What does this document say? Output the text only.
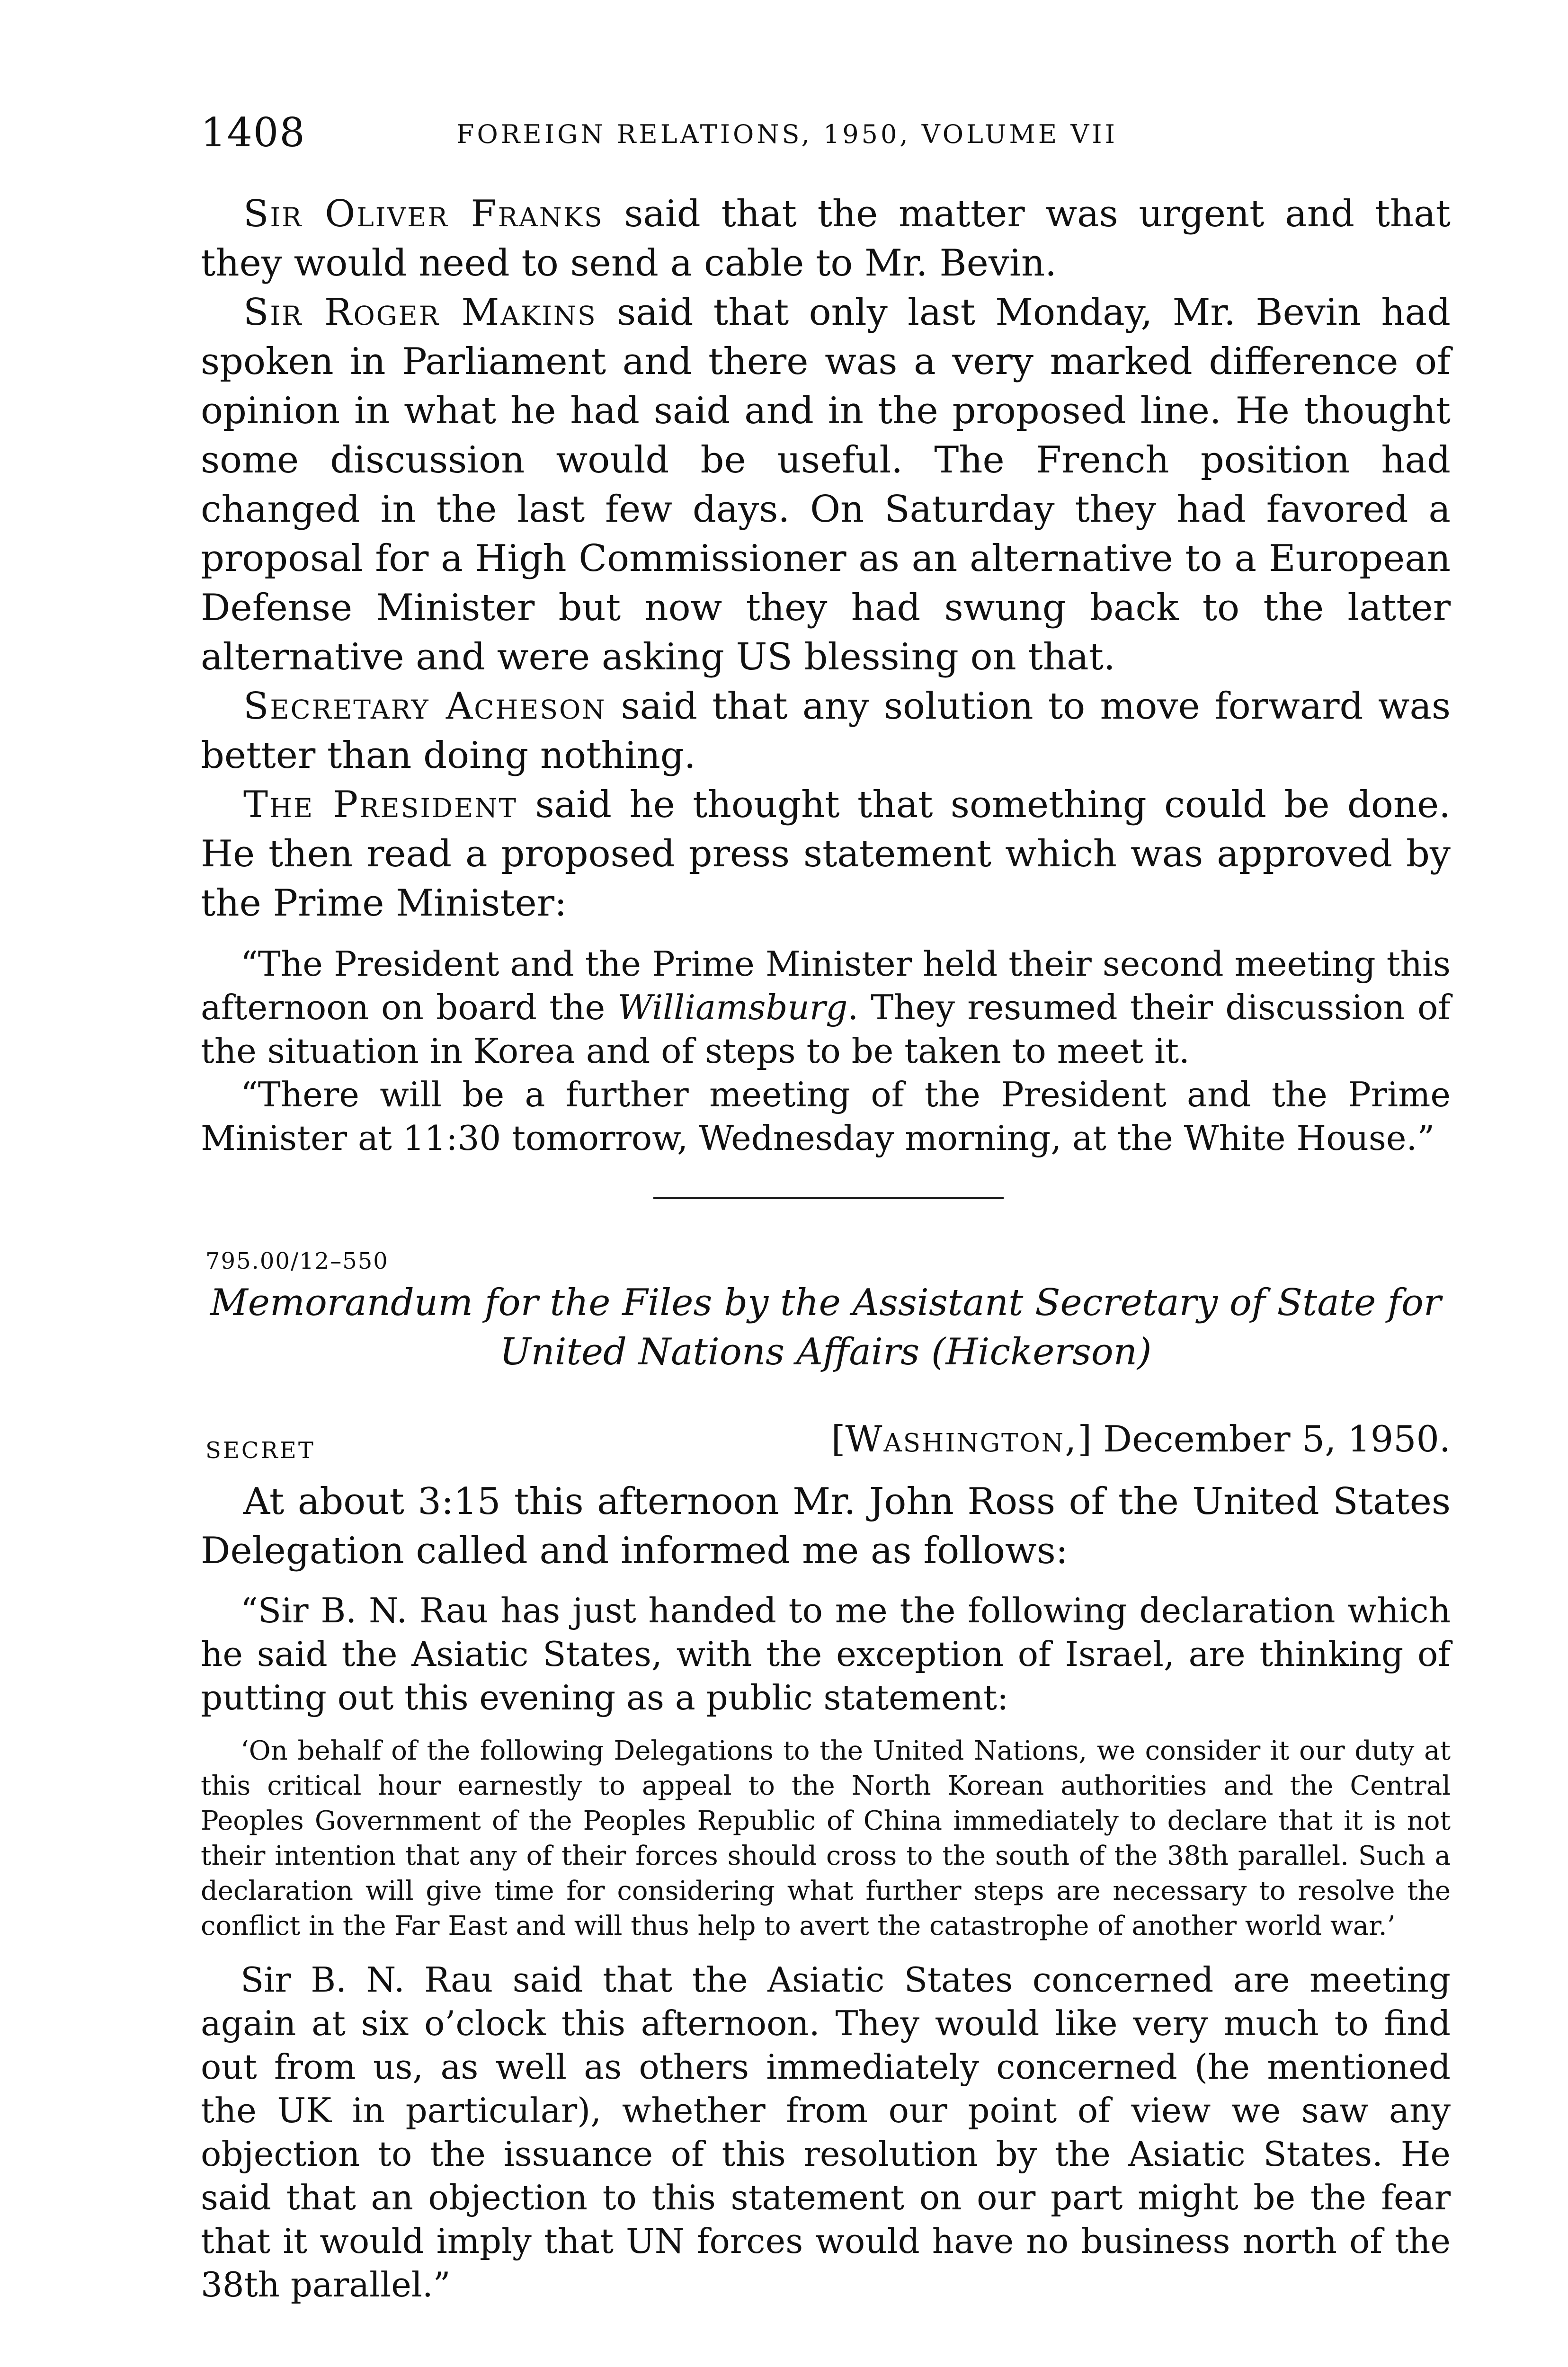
1408	FOREIGN RELATIONS, 1950, VOLUME VII

Sir Oliver Franks said that the matter was urgent and that they would need to send a cable to Mr. Bevin.

Sir Roger Makins said that only last Monday, Mr. Bevin had spoken in Parliament and there was a very marked difference of opinion in what he had said and in the proposed line. He thought some discussion would be useful. The French position had changed in the last few days. On Saturday they had favored a proposal for a High Commissioner as an alternative to a European Defense Minister but now they had swung back to the latter alternative and were asking US blessing on that.

Secretary Acheson said that any solution to move forward was better than doing nothing.

The President said he thought that something could be done. He then read a proposed press statement which was approved by the Prime Minister:

“The President and the Prime Minister held their second meeting this afternoon on board the Williamsburg. They resumed their discussion of the situation in Korea and of steps to be taken to meet it.

“There will be a further meeting of the President and the Prime Minister at 11:30 tomorrow, Wednesday morning, at the White House.”

795.00/12–550
Memorandum for the Files by the Assistant Secretary of State for
United Nations Affairs (Hickerson)
SECRET	[Washington,] December 5, 1950.

At about 3:15 this afternoon Mr. John Ross of the United States Delegation called and informed me as follows:

“Sir B. N. Rau has just handed to me the following declaration which he said the Asiatic States, with the exception of Israel, are thinking of putting out this evening as a public statement:

‘On behalf of the following Delegations to the United Nations, we consider it our duty at this critical hour earnestly to appeal to the North Korean authorities and the Central Peoples Government of the Peoples Republic of China immediately to declare that it is not their intention that any of their forces should cross to the south of the 38th parallel. Such a declaration will give time for considering what further steps are necessary to resolve the conflict in the Far East and will thus help to avert the catastrophe of another world war.’

Sir B. N. Rau said that the Asiatic States concerned are meeting again at six o’clock this afternoon. They would like very much to find out from us, as well as others immediately concerned (he mentioned the UK in particular), whether from our point of view we saw any objection to the issuance of this resolution by the Asiatic States. He said that an objection to this statement on our part might be the fear that it would imply that UN forces would have no business north of the 38th parallel.”
